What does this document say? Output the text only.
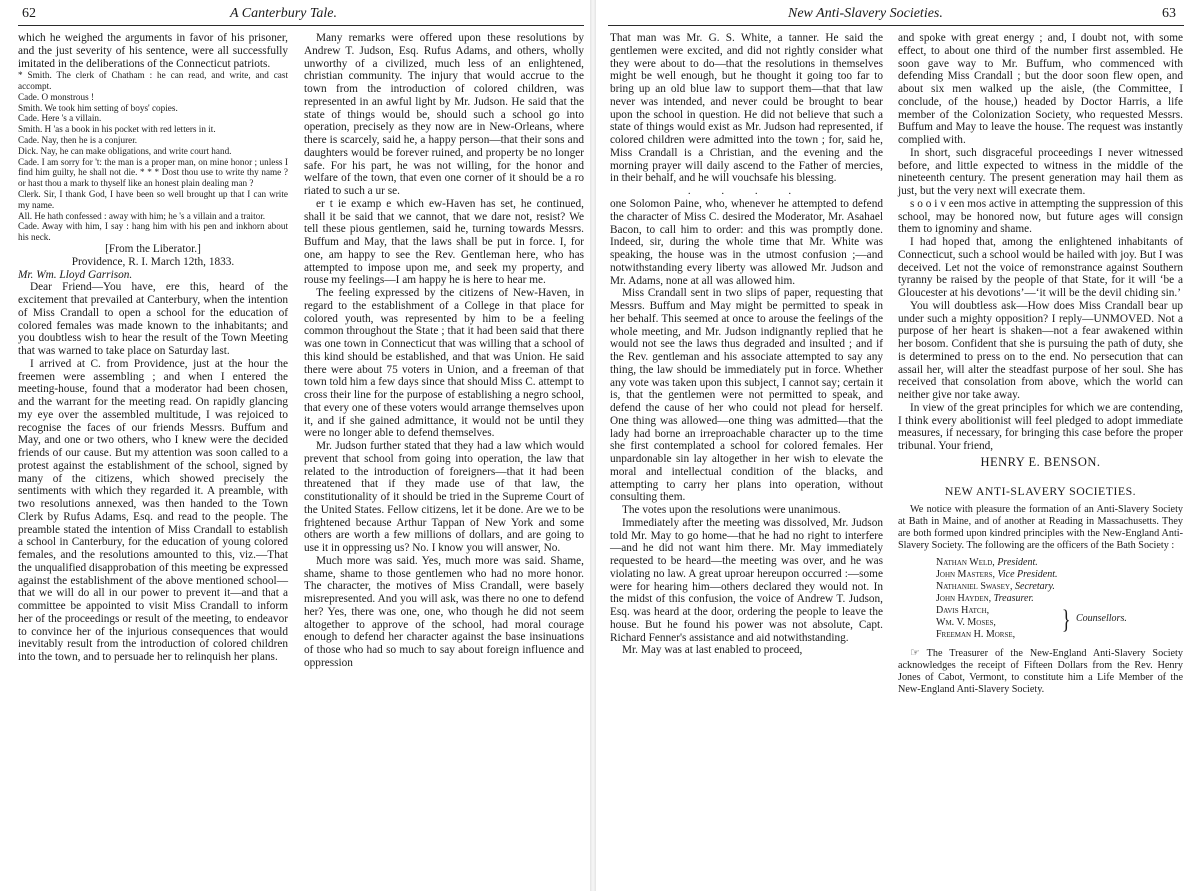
62	A Canterbury Tale.

which he weighed the arguments in favor of his prisoner, and the just severity of his sentence, were all successfully imitated in the deliberations of the Connecticut patriots.

* Smith. The clerk of Chatham : he can read, and write, and cast accompt.

Cade. O monstrous !

Smith. We took him setting of boys' copies.

Cade. Here 's a villain.

Smith. H 'as a book in his pocket with red letters in it.

Cade. Nay, then he is a conjurer.

Dick. Nay, he can make obligations, and write court hand.

Cade. I am sorry for 't: the man is a proper man, on mine honor ; unless I find him guilty, he shall not die. * * * Dost thou use to write thy name ? or hast thou a mark to thyself like an honest plain dealing man ?

Clerk. Sir, I thank God, I have been so well brought up that I can write my name.

All. He hath confessed : away with him; he 's a villain and a traitor.

Cade. Away with him, I say : hang him with his pen and inkhorn about his neck.

[From the Liberator.]

Providence, R. I. March 12th, 1833.

Mr. Wm. Lloyd Garrison.

Dear Friend—You have, ere this, heard of the excitement that prevailed at Canterbury, when the intention of Miss Crandall to open a school for the education of colored females was made known to the inhabitants; and you doubtless wish to hear the result of the Town Meeting that was warned to take place on Saturday last.

I arrived at C. from Providence, just at the hour the freemen were assembling ; and when I entered the meeting-house, found that a moderator had been chosen, and the warrant for the meeting read. On rapidly glancing my eye over the assembled multitude, I was rejoiced to recognise the faces of our friends Messrs. Buffum and May, and one or two others, who I knew were the decided friends of our cause. But my attention was soon called to a protest against the establishment of the school, signed by many of the citizens, which showed precisely the sentiments with which they regarded it. A preamble, with two resolutions annexed, was then handed to the Town Clerk by Rufus Adams, Esq. and read to the people. The preamble stated the intention of Miss Crandall to establish a school in Canterbury, for the education of young colored females, and the resolutions amounted to this, viz.—That the unqualified disapprobation of this meeting be expressed against the establishment of the above mentioned school—that we will do all in our power to prevent it—and that a committee be appointed to visit Miss Crandall to inform her of the proceedings or result of the meeting, to endeavor to convince her of the injurious consequences that would inevitably result from the introduction of colored children into the town, and to persuade her to relinquish her plans.

Many remarks were offered upon these resolutions by Andrew T. Judson, Esq. Rufus Adams, and others, wholly unworthy of a civilized, much less of an enlightened, christian community. The injury that would accrue to the town from the introduction of colored children, was represented in an awful light by Mr. Judson. He said that the state of things would be, should such a school go into operation, precisely as they now are in New-Orleans, where there is scarcely, said he, a happy person—that their sons and daughters would be forever ruined, and property be no longer safe. For his part, he was not willing, for the honor and welfare of the town, that even one corner of it should be a ro riated to such a ur se.

er t ie examp e which ew-Haven has set, he continued, shall it be said that we cannot, that we dare not, resist? We tell these pious gentlemen, said he, turning towards Messrs. Buffum and May, that the laws shall be put in force. I, for one, am happy to see the Rev. Gentleman here, who has attempted to impose upon me, and seek my property, and rouse my feelings—I am happy he is here to hear me.

The feeling expressed by the citizens of New-Haven, in regard to the establishment of a College in that place for colored youth, was represented by him to be a feeling common throughout the State ; that it had been said that there was one town in Connecticut that was willing that a school of this kind should be established, and that was Union. He said there were about 75 voters in Union, and a freeman of that town told him a few days since that should Miss C. attempt to cross their line for the purpose of establishing a negro school, that every one of these voters would arrange themselves upon it, and if she gained admittance, it would not be until they were no longer able to defend themselves.

Mr. Judson further stated that they had a law which would prevent that school from going into operation, the law that related to the introduction of foreigners—that it had been threatened that if they made use of that law, the constitutionality of it should be tried in the Supreme Court of the United States. Fellow citizens, let it be done. Are we to be frightened because Arthur Tappan of New York and some others are worth a few millions of dollars, and are going to use it in oppressing us? No. I know you will answer, No.

Much more was said. Yes, much more was said. Shame, shame, shame to those gentlemen who had no more honor. The character, the motives of Miss Crandall, were basely misrepresented. And you will ask, was there no one to defend her? Yes, there was one, one, who though he did not seem altogether to approve of the school, had moral courage enough to defend her character against the base insinuations of those who had so much to say about foreign influence and oppression

New Anti-Slavery Societies.	63

That man was Mr. G. S. White, a tanner. He said the gentlemen were excited, and did not rightly consider what they were about to do—that the resolutions in themselves might be well enough, but he thought it going too far to bring up an old blue law to support them—that that law never was intended, and never could be brought to bear upon the school in question. He did not believe that such a state of things would exist as Mr. Judson had represented, if colored children were admitted into the town ; for, said he, Miss Crandall is a Christian, and the evening and the morning prayer will daily ascend to the Father of mercies, in their behalf, and he will vouchsafe his blessing.

. . . .

one Solomon Paine, who, whenever he attempted to defend the character of Miss C. desired the Moderator, Mr. Asahael Bacon, to call him to order: and this was promptly done. Indeed, sir, during the whole time that Mr. White was speaking, the house was in the utmost confusion ;—and notwithstanding every liberty was allowed Mr. Judson and Mr. Adams, none at all was allowed him.

Miss Crandall sent in two slips of paper, requesting that Messrs. Buffum and May might be permitted to speak in her behalf. This seemed at once to arouse the feelings of the whole meeting, and Mr. Judson indignantly replied that he would not see the laws thus degraded and insulted ; and if the Rev. gentleman and his associate attempted to say any thing, the law should be immediately put in force. Whether any vote was taken upon this subject, I cannot say; certain it is, that the gentlemen were not permitted to speak, and defend the cause of her who could not plead for herself. One thing was allowed—one thing was admitted—that the lady had borne an irreproachable character up to the time she first contemplated a school for colored females. Her unpardonable sin lay altogether in her wish to elevate the moral and intellectual condition of the blacks, and attempting to carry her plans into operation, without consulting them.

The votes upon the resolutions were unanimous.

Immediately after the meeting was dissolved, Mr. Judson told Mr. May to go home—that he had no right to interfere—and he did not want him there. Mr. May immediately requested to be heard—the meeting was over, and he was violating no law. A great uproar hereupon occurred :—some were for hearing him—others declared they would not. In the midst of this confusion, the voice of Andrew T. Judson, Esq. was heard at the door, ordering the people to leave the house. But he found his power was not absolute, Capt. Richard Fenner's assistance and aid notwithstanding.

Mr. May was at last enabled to proceed,

and spoke with great energy ; and, I doubt not, with some effect, to about one third of the number first assembled. He soon gave way to Mr. Buffum, who commenced with defending Miss Crandall ; but the door soon flew open, and about six men walked up the aisle, (the Committee, I conclude, of the house,) headed by Doctor Harris, a life member of the Colonization Society, who requested Messrs. Buffum and May to leave the house. The request was instantly complied with.

In short, such disgraceful proceedings I never witnessed before, and little expected to witness in the middle of the nineteenth century. The present generation may hail them as just, but the very next will execrate them.

s o o i v een mos active in attempting the suppression of this school, may be honored now, but future ages will consign them to ignominy and shame.

I had hoped that, among the enlightened inhabitants of Connecticut, such a school would be hailed with joy. But I was deceived. Let not the voice of remonstrance against Southern tyranny be raised by the people of that State, for it will ‘be a Gloucester at his devotions’—‘it will be the devil chiding sin.’

You will doubtless ask—How does Miss Crandall bear up under such a mighty opposition? I reply—UNMOVED. Not a purpose of her heart is shaken—not a fear awakened within her bosom. Confident that she is pursuing the path of duty, she is determined to press on to the end. No persecution that can assail her, will alter the steadfast purpose of her soul. She has received that consolation from above, which the world can neither give nor take away.

In view of the great principles for which we are contending, I think every abolitionist will feel pledged to adopt immediate measures, if necessary, for bringing this case before the proper tribunal. Your friend,

HENRY E. BENSON.
NEW ANTI-SLAVERY SOCIETIES.

We notice with pleasure the formation of an Anti-Slavery Society at Bath in Maine, and of another at Reading in Massachusetts. They are both formed upon kindred principles with the New-England Anti-Slavery Society. The following are the officers of the Bath Society :

Nathan Weld, President.
John Masters, Vice President.
Nathaniel Swasey, Secretary.
John Hayden, Treasurer.
Davis Hatch,
Wm. V. Moses,
Freeman H. Morse,
} Counsellors.

☞ The Treasurer of the New-England Anti-Slavery Society acknowledges the receipt of Fifteen Dollars from the Rev. Henry Jones of Cabot, Vermont, to constitute him a Life Member of the New-England Anti-Slavery Society.
